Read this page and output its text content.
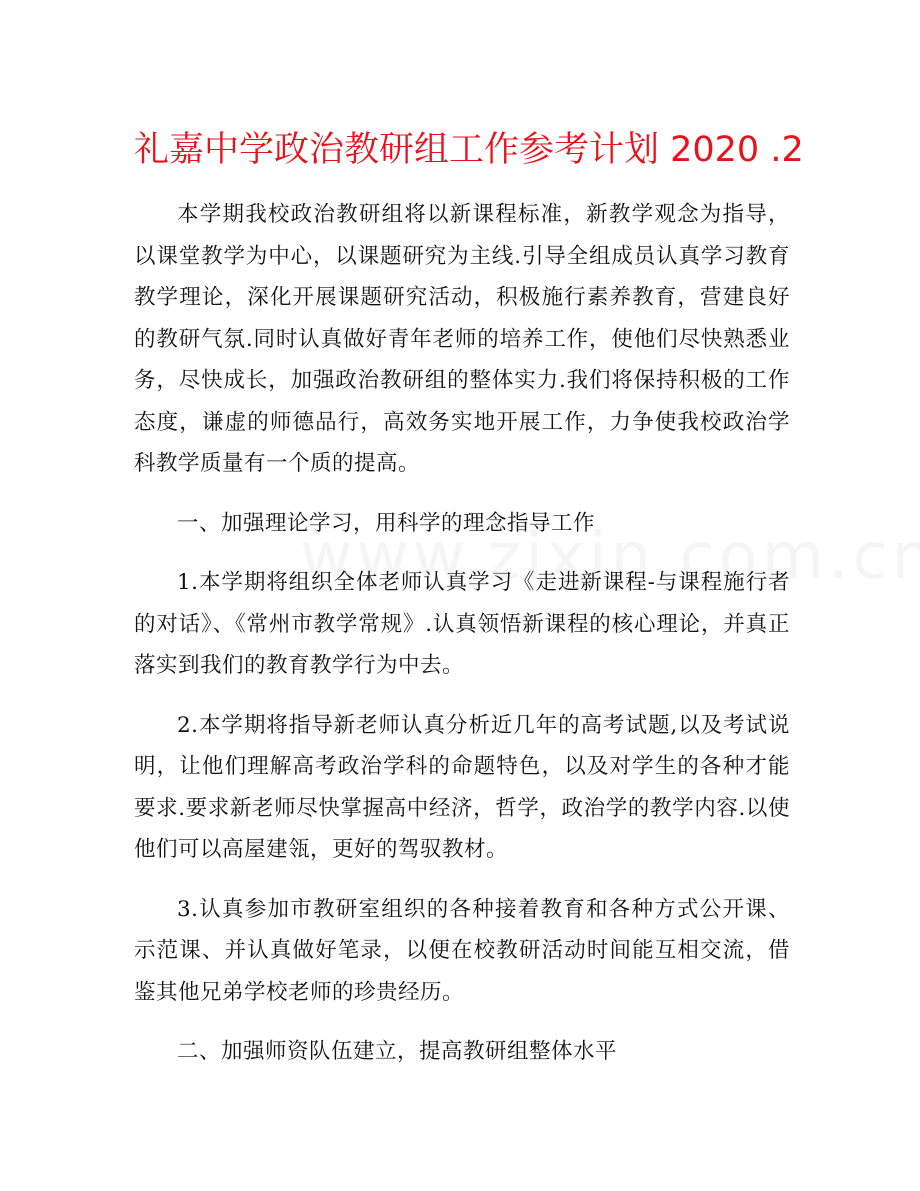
礼嘉中学政治教研组工作参考计划 2020 .2

本学期我校政治教研组将以新课程标准，新教学观念为指导，以课堂教学为中心，以课题研究为主线.引导全组成员认真学习教育教学理论，深化开展课题研究活动，积极施行素养教育，营建良好的教研气氛.同时认真做好青年老师的培养工作，使他们尽快熟悉业务，尽快成长，加强政治教研组的整体实力.我们将保持积极的工作态度，谦虚的师德品行，高效务实地开展工作，力争使我校政治学科教学质量有一个质的提高。

一、加强理论学习，用科学的理念指导工作

1.本学期将组织全体老师认真学习《走进新课程-与课程施行者的对话》、《常州市教学常规》.认真领悟新课程的核心理论，并真正落实到我们的教育教学行为中去。

2.本学期将指导新老师认真分析近几年的高考试题,以及考试说明，让他们理解高考政治学科的命题特色，以及对学生的各种才能要求.要求新老师尽快掌握高中经济，哲学，政治学的教学内容.以使他们可以高屋建瓴，更好的驾驭教材。

3.认真参加市教研室组织的各种接着教育和各种方式公开课、示范课、并认真做好笔录，以便在校教研活动时间能互相交流，借鉴其他兄弟学校老师的珍贵经历。

二、加强师资队伍建立，提高教研组整体水平
